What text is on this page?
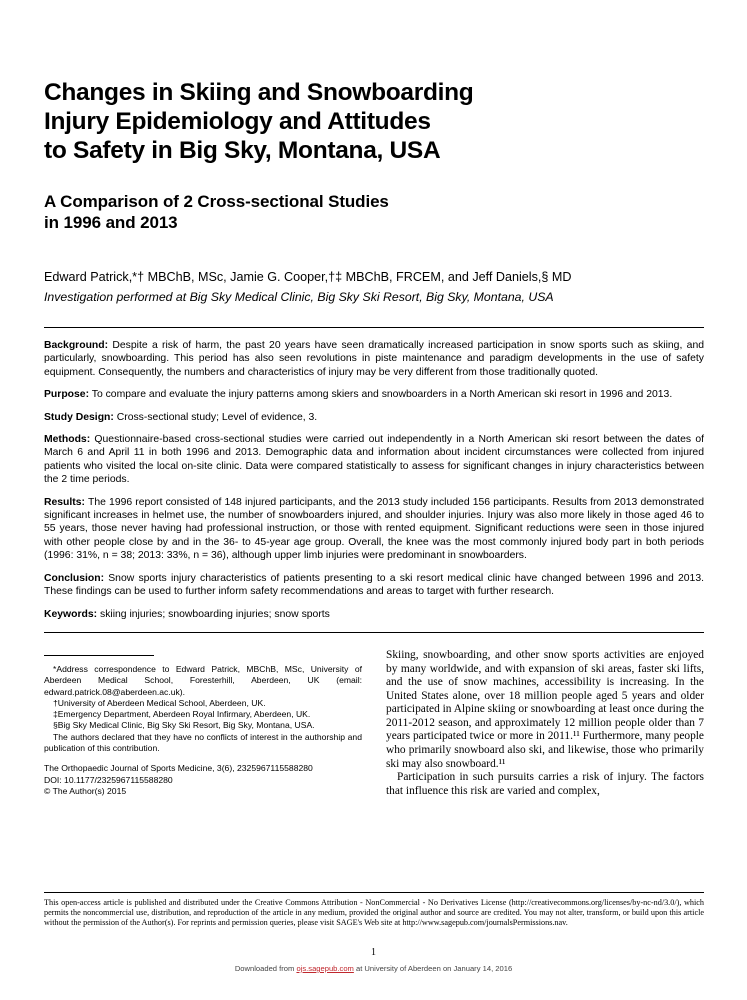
Changes in Skiing and Snowboarding
Injury Epidemiology and Attitudes
to Safety in Big Sky, Montana, USA
A Comparison of 2 Cross-sectional Studies
in 1996 and 2013
Edward Patrick,*† MBChB, MSc, Jamie G. Cooper,†‡ MBChB, FRCEM, and Jeff Daniels,§ MD
Investigation performed at Big Sky Medical Clinic, Big Sky Ski Resort, Big Sky, Montana, USA

Background: Despite a risk of harm, the past 20 years have seen dramatically increased participation in snow sports such as skiing, and particularly, snowboarding. This period has also seen revolutions in piste maintenance and paradigm developments in the use of safety equipment. Consequently, the numbers and characteristics of injury may be very different from those traditionally quoted.

Purpose: To compare and evaluate the injury patterns among skiers and snowboarders in a North American ski resort in 1996 and 2013.

Study Design: Cross-sectional study; Level of evidence, 3.

Methods: Questionnaire-based cross-sectional studies were carried out independently in a North American ski resort between the dates of March 6 and April 11 in both 1996 and 2013. Demographic data and information about incident circumstances were collected from injured patients who visited the local on-site clinic. Data were compared statistically to assess for significant changes in injury characteristics between the 2 time periods.

Results: The 1996 report consisted of 148 injured participants, and the 2013 study included 156 participants. Results from 2013 demonstrated significant increases in helmet use, the number of snowboarders injured, and shoulder injuries. Injury was also more likely in those aged 46 to 55 years, those never having had professional instruction, or those with rented equipment. Significant reductions were seen in those injured with other people close by and in the 36- to 45-year age group. Overall, the knee was the most commonly injured body part in both periods (1996: 31%, n = 38; 2013: 33%, n = 36), although upper limb injuries were predominant in snowboarders.

Conclusion: Snow sports injury characteristics of patients presenting to a ski resort medical clinic have changed between 1996 and 2013. These findings can be used to further inform safety recommendations and areas to target with further research.

Keywords: skiing injuries; snowboarding injuries; snow sports

*Address correspondence to Edward Patrick, MBChB, MSc, University of Aberdeen Medical School, Foresterhill, Aberdeen, UK (email: edward.patrick.08@aberdeen.ac.uk).

†University of Aberdeen Medical School, Aberdeen, UK.

‡Emergency Department, Aberdeen Royal Infirmary, Aberdeen, UK.

§Big Sky Medical Clinic, Big Sky Ski Resort, Big Sky, Montana, USA.

The authors declared that they have no conflicts of interest in the authorship and publication of this contribution.

The Orthopaedic Journal of Sports Medicine, 3(6), 2325967115588280

DOI: 10.1177/2325967115588280

© The Author(s) 2015

Skiing, snowboarding, and other snow sports activities are enjoyed by many worldwide, and with expansion of ski areas, faster ski lifts, and the use of snow machines, accessibility is increasing. In the United States alone, over 18 million people aged 5 years and older participated in Alpine skiing or snowboarding at least once during the 2011-2012 season, and approximately 12 million people older than 7 years participated twice or more in 2011.¹¹ Furthermore, many people who primarily snowboard also ski, and likewise, those who primarily ski may also snowboard.¹¹

Participation in such pursuits carries a risk of injury. The factors that influence this risk are varied and complex,

This open-access article is published and distributed under the Creative Commons Attribution - NonCommercial - No Derivatives License (http://creativecommons.org/licenses/by-nc-nd/3.0/), which permits the noncommercial use, distribution, and reproduction of the article in any medium, provided the original author and source are credited. You may not alter, transform, or build upon this article without the permission of the Author(s). For reprints and permission queries, please visit SAGE's Web site at http://www.sagepub.com/journalsPermissions.nav.
1
Downloaded from ojs.sagepub.com at University of Aberdeen on January 14, 2016
